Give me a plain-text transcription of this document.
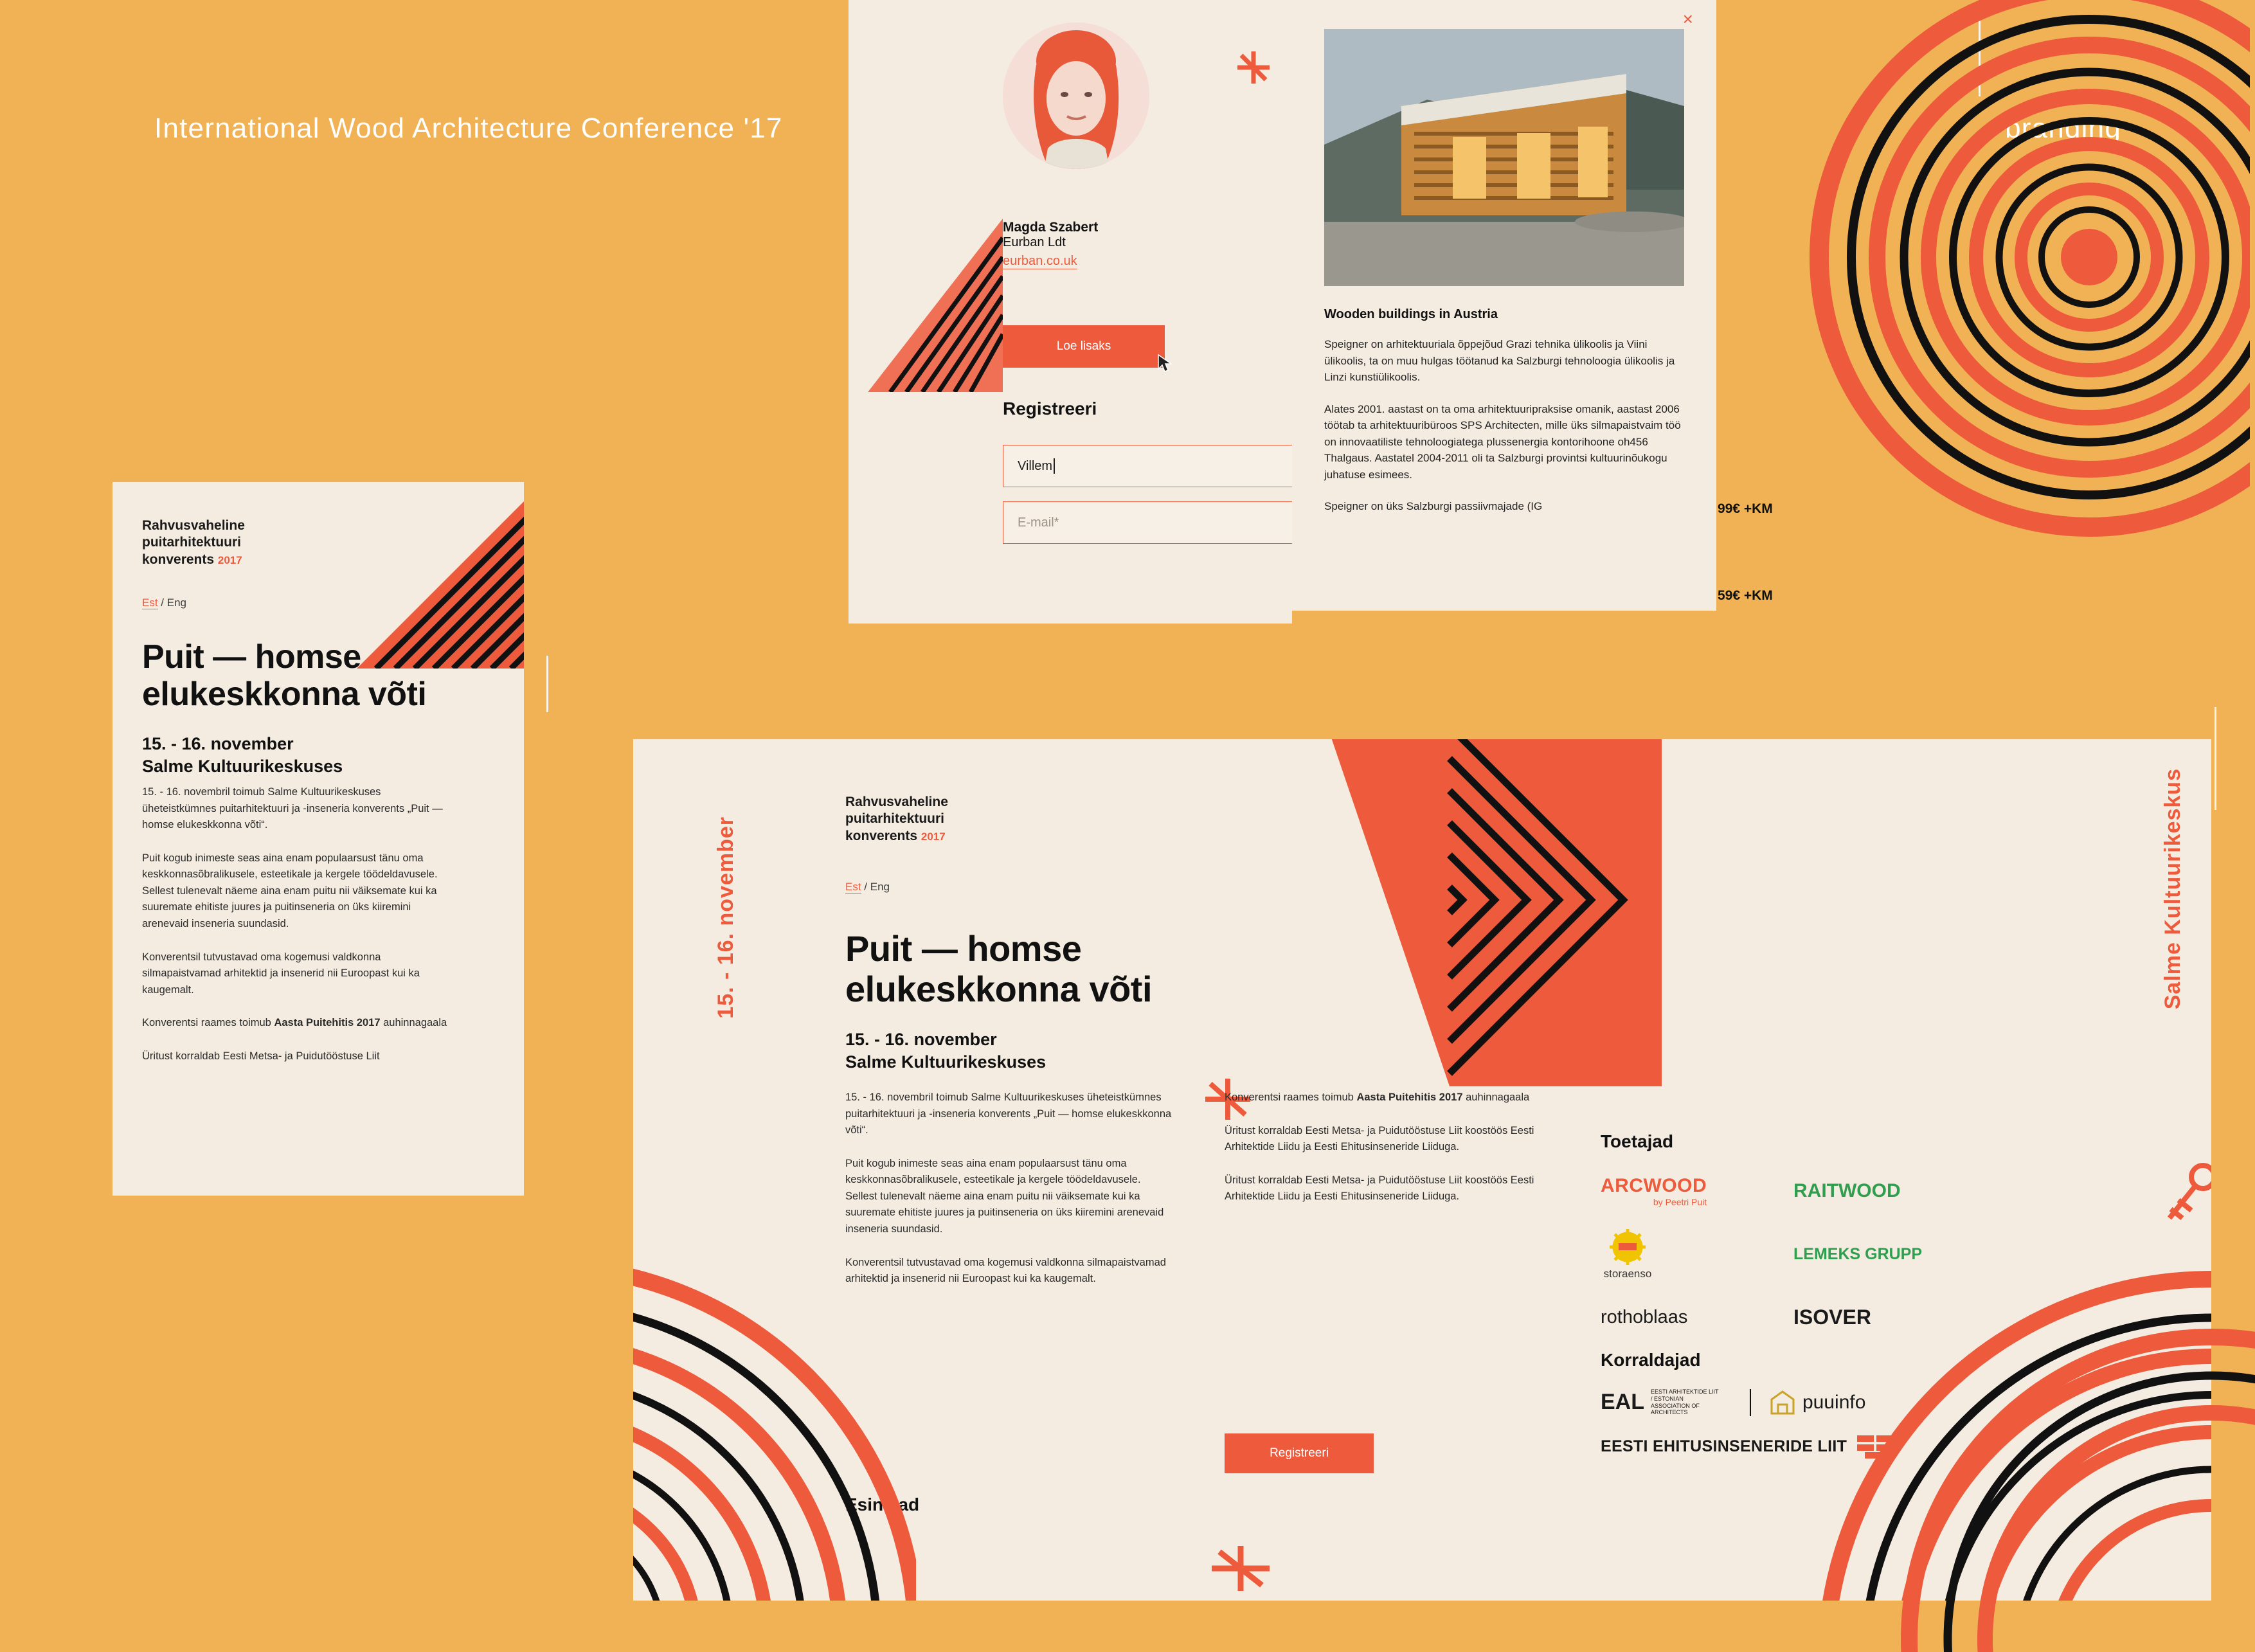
International Wood Architecture Conference '17	branding
Rahvusvaheline
puitarhitektuuri
konverents 2017
Est / Eng
Puit — homse
elukeskkonna võti
15. - 16. november
Salme Kultuurikeskuses

15. - 16. novembril toimub Salme Kultuurikeskuses üheteistkümnes puitarhitektuuri ja -inseneria konverents „Puit — homse elukeskkonna võti“.

Puit kogub inimeste seas aina enam populaarsust tänu oma keskkonnasõbralikusele, esteetikale ja kergele töödeldavusele. Sellest tulenevalt näeme aina enam puitu nii väiksemate kui ka suuremate ehitiste juures ja puitinseneria on üks kiiremini arenevaid inseneria suundasid.

Konverentsil tutvustavad oma kogemusi valdkonna silmapaistvamad arhitektid ja insenerid nii Euroopast kui ka kaugemalt.

Konverentsi raames toimub Aasta Puitehitis 2017 auhinnagaala

Üritust korraldab Eesti Metsa- ja Puidutööstuse Liit

Magda Szabert
Eurban Ldt
eurban.co.uk
Loe lisaks
Registreeri
Villem
E-mail*
×
Wooden buildings in Austria

Speigner on arhitektuuriala õppejõud Grazi tehnika ülikoolis ja Viini ülikoolis, ta on muu hulgas töötanud ka Salzburgi tehnoloogia ülikoolis ja Linzi kunstiülikoolis.

Alates 2001. aastast on ta oma arhitektuuripraksise omanik, aastast 2006 töötab ta arhitektuuribüroos SPS Architecten, mille üks silmapaistvaim töö on innovaatiliste tehnoloogiatega plussenergia kontorihoone oh456 Thalgaus. Aastatel 2004-2011 oli ta Salzburgi provintsi kultuurinõukogu juhatuse esimees.

Speigner on üks Salzburgi passiivmajade (IG	99€ +KM
59€ +KM
15. - 16. november	Salme Kultuurikeskus
Rahvusvaheline
puitarhitektuuri
konverents 2017
Est / Eng
Puit — homse
elukeskkonna võti
15. - 16. november
Salme Kultuurikeskuses

15. - 16. novembril toimub Salme Kultuurikeskuses üheteistkümnes puitarhitektuuri ja -inseneria konverents „Puit — homse elukeskkonna võti“.

Puit kogub inimeste seas aina enam populaarsust tänu oma keskkonnasõbralikusele, esteetikale ja kergele töödeldavusele. Sellest tulenevalt näeme aina enam puitu nii väiksemate kui ka suuremate ehitiste juures ja puitinseneria on üks kiiremini arenevaid inseneria suundasid.

Konverentsil tutvustavad oma kogemusi valdkonna silmapaistvamad arhitektid ja insenerid nii Euroopast kui ka kaugemalt.

Konverentsi raames toimub Aasta Puitehitis 2017 auhinnagaala

Üritust korraldab Eesti Metsa- ja Puidutööstuse Liit koostöös Eesti Arhitektide Liidu ja Eesti Ehitusinseneride Liiduga.

Üritust korraldab Eesti Metsa- ja Puidutööstuse Liit koostöös Eesti Arhitektide Liidu ja Eesti Ehitusinseneride Liiduga.

Registreeri
Esinejad
Toetajad
ARCWOOD
by Peetri Puit
RAITWOOD
storaenso
LEMEKS GRUPP
rothoblaas	ISOVER
Korraldajad
EAL EESTI ARHITEKTIDE LIIT / ESTONIAN ASSOCIATION OF ARCHITECTS	puuinfo
EESTI EHITUSINSENERIDE LIIT
